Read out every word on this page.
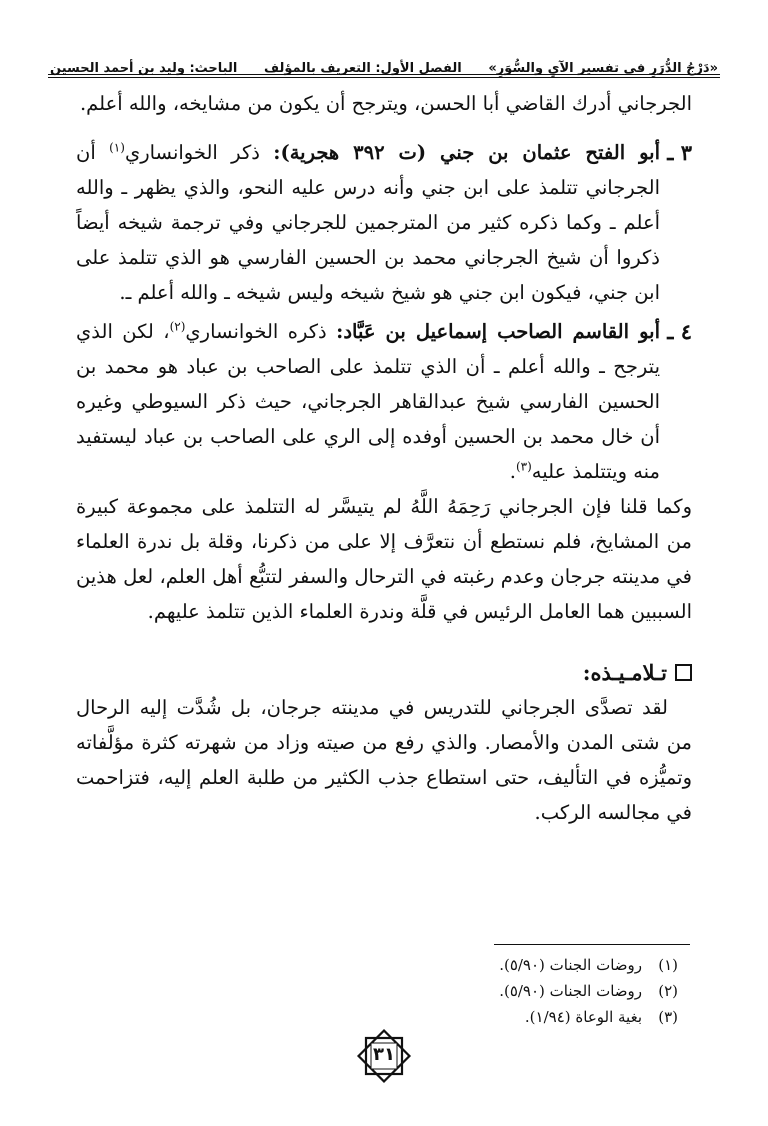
«دَرْجُ الدُّرَرِ في تفسير الآيِ والسُّوَرِ»
الفصل الأول: التعريف بالمؤلف
الباحث: وليد بن أحمد الحسين

الجرجاني أدرك القاضي أبا الحسن، ويترجح أن يكون من مشايخه، والله أعلم.

٣ ـ
أبو الفتح عثمان بن جني (ت ٣٩٢ هجرية): ذكر الخوانساري$^{(١)}$ أن الجرجاني تتلمذ على ابن جني وأنه درس عليه النحو، والذي يظهر ـ والله أعلم ـ وكما ذكره كثير من المترجمين للجرجاني وفي ترجمة شيخه أيضاً ذكروا أن شيخ الجرجاني محمد بن الحسين الفارسي هو الذي تتلمذ على ابن جني، فيكون ابن جني هو شيخ شيخه وليس شيخه ـ والله أعلم ـ.
٤ ـ
أبو القاسم الصاحب إسماعيل بن عَبَّاد: ذكره الخوانساري$^{(٢)}$، لكن الذي يترجح ـ والله أعلم ـ أن الذي تتلمذ على الصاحب بن عباد هو محمد بن الحسين الفارسي شيخ عبدالقاهر الجرجاني، حيث ذكر السيوطي وغيره أن خال محمد بن الحسين أوفده إلى الري على الصاحب بن عباد ليستفيد منه ويتتلمذ عليه$^{(٣)}$.

وكما قلنا فإن الجرجاني رَحِمَهُ اللَّهُ لم يتيسَّر له التتلمذ على مجموعة كبيرة من المشايخ، فلم نستطع أن نتعرَّف إلا على من ذكرنا، وقلة بل ندرة العلماء في مدينته جرجان وعدم رغبته في الترحال والسفر لتتبُّع أهل العلم، لعل هذين السببين هما العامل الرئيس في قلَّة وندرة العلماء الذين تتلمذ عليهم.

تـلامـيـذه:

لقد تصدَّى الجرجاني للتدريس في مدينته جرجان، بل شُدَّت إليه الرحال من شتى المدن والأمصار. والذي رفع من صيته وزاد من شهرته كثرة مؤلَّفاته وتميُّزه في التأليف، حتى استطاع جذب الكثير من طلبة العلم إليه، فتزاحمت في مجالسه الركب.

(١)
روضات الجنات (٥/٩٠).
(٢)
روضات الجنات (٥/٩٠).
(٣)
بغية الوعاة (١/٩٤).
٣١
